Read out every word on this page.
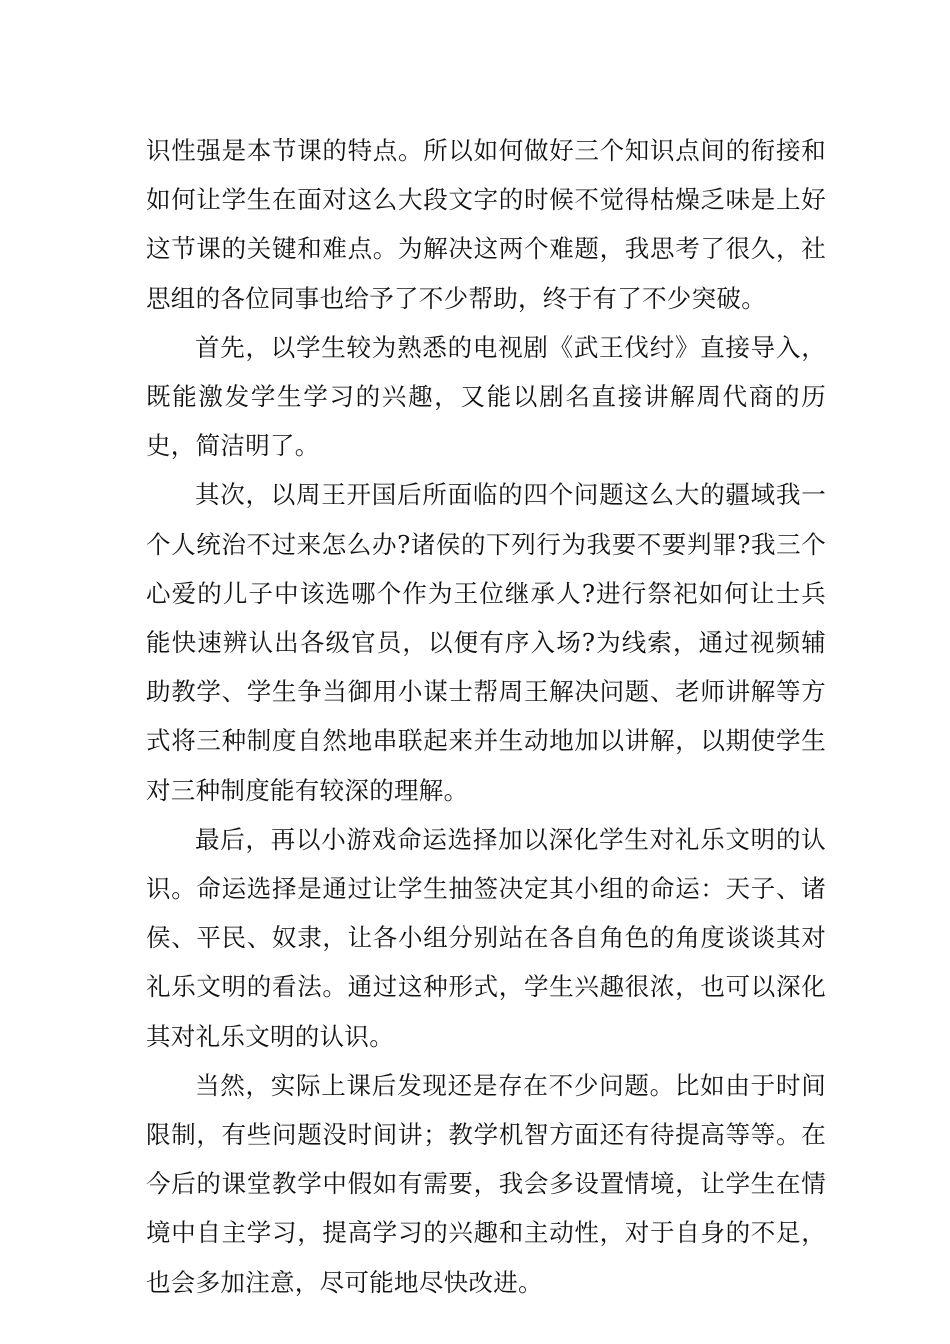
识性强是本节课的特点。所以如何做好三个知识点间的衔接和如何让学生在面对这么大段文字的时候不觉得枯燥乏味是上好这节课的关键和难点。为解决这两个难题，我思考了很久，社思组的各位同事也给予了不少帮助，终于有了不少突破。

首先，以学生较为熟悉的电视剧《武王伐纣》直接导入，既能激发学生学习的兴趣，又能以剧名直接讲解周代商的历史，简洁明了。

其次，以周王开国后所面临的四个问题这么大的疆域我一个人统治不过来怎么办?诸侯的下列行为我要不要判罪?我三个心爱的儿子中该选哪个作为王位继承人?进行祭祀如何让士兵能快速辨认出各级官员，以便有序入场?为线索，通过视频辅助教学、学生争当御用小谋士帮周王解决问题、老师讲解等方式将三种制度自然地串联起来并生动地加以讲解，以期使学生对三种制度能有较深的理解。

最后，再以小游戏命运选择加以深化学生对礼乐文明的认识。命运选择是通过让学生抽签决定其小组的命运：天子、诸侯、平民、奴隶，让各小组分别站在各自角色的角度谈谈其对礼乐文明的看法。通过这种形式，学生兴趣很浓，也可以深化其对礼乐文明的认识。

当然，实际上课后发现还是存在不少问题。比如由于时间限制，有些问题没时间讲；教学机智方面还有待提高等等。在今后的课堂教学中假如有需要，我会多设置情境，让学生在情境中自主学习，提高学习的兴趣和主动性，对于自身的不足，也会多加注意，尽可能地尽快改进。
